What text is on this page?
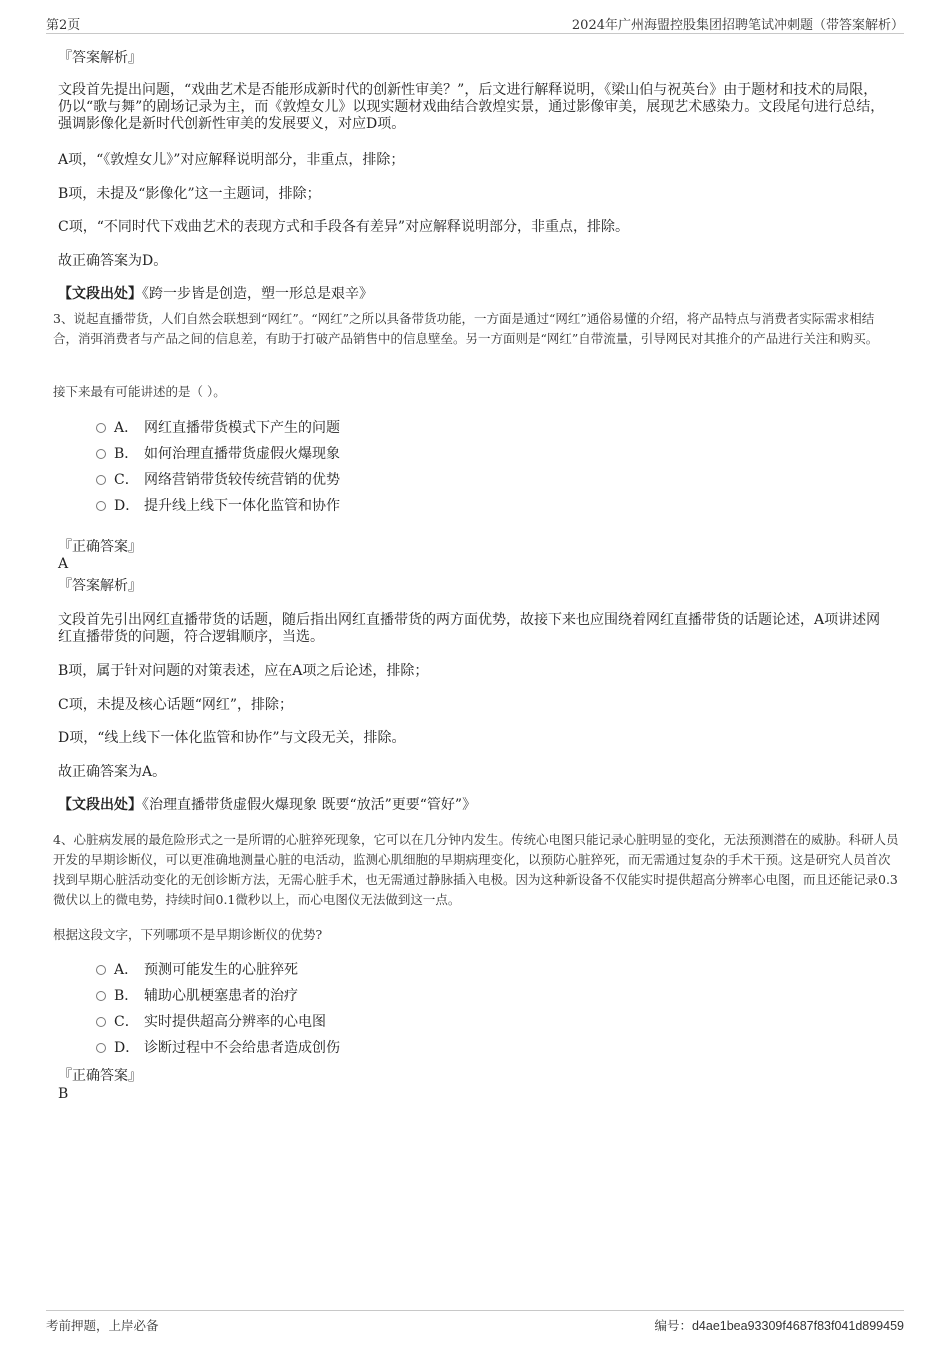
第2页	2024年广州海盟控股集团招聘笔试冲刺题（带答案解析）
『答案解析』
文段首先提出问题，“戏曲艺术是否能形成新时代的创新性审美？”，后文进行解释说明，《梁山伯与祝英台》由于题材和技术的局限，仍以“歌与舞”的剧场记录为主，而《敦煌女儿》以现实题材戏曲结合敦煌实景，通过影像审美，展现艺术感染力。文段尾句进行总结，强调影像化是新时代创新性审美的发展要义，对应D项。
A项，“《敦煌女儿》”对应解释说明部分，非重点，排除；
B项，未提及“影像化”这一主题词，排除；
C项，“不同时代下戏曲艺术的表现方式和手段各有差异”对应解释说明部分，非重点，排除。
故正确答案为D。
【文段出处】《跨一步皆是创造，塑一形总是艰辛》
3、说起直播带货，人们自然会联想到“网红”。“网红”之所以具备带货功能，一方面是通过“网红”通俗易懂的介绍，将产品特点与消费者实际需求相结合，消弭消费者与产品之间的信息差，有助于打破产品销售中的信息壁垒。另一方面则是“网红”自带流量，引导网民对其推介的产品进行关注和购买。
接下来最有可能讲述的是（ ）。
A． 网红直播带货模式下产生的问题
B． 如何治理直播带货虚假火爆现象
C． 网络营销带货较传统营销的优势
D． 提升线上线下一体化监管和协作
『正确答案』
A
『答案解析』
文段首先引出网红直播带货的话题，随后指出网红直播带货的两方面优势，故接下来也应围绕着网红直播带货的话题论述，A项讲述网红直播带货的问题，符合逻辑顺序，当选。
B项，属于针对问题的对策表述，应在A项之后论述，排除；
C项，未提及核心话题“网红”，排除；
D项，“线上线下一体化监管和协作”与文段无关，排除。
故正确答案为A。
【文段出处】《治理直播带货虚假火爆现象 既要“放活”更要“管好”》
4、心脏病发展的最危险形式之一是所谓的心脏猝死现象，它可以在几分钟内发生。传统心电图只能记录心脏明显的变化，无法预测潜在的威胁。科研人员开发的早期诊断仪，可以更准确地测量心脏的电活动，监测心肌细胞的早期病理变化，以预防心脏猝死，而无需通过复杂的手术干预。这是研究人员首次找到早期心脏活动变化的无创诊断方法，无需心脏手术，也无需通过静脉插入电极。因为这种新设备不仅能实时提供超高分辨率心电图，而且还能记录0.3微伏以上的微电势，持续时间0.1微秒以上，而心电图仪无法做到这一点。
根据这段文字，下列哪项不是早期诊断仪的优势?
A． 预测可能发生的心脏猝死
B． 辅助心肌梗塞患者的治疗
C． 实时提供超高分辨率的心电图
D． 诊断过程中不会给患者造成创伤
『正确答案』
B
考前押题，上岸必备	编号：d4ae1bea93309f4687f83f041d899459
